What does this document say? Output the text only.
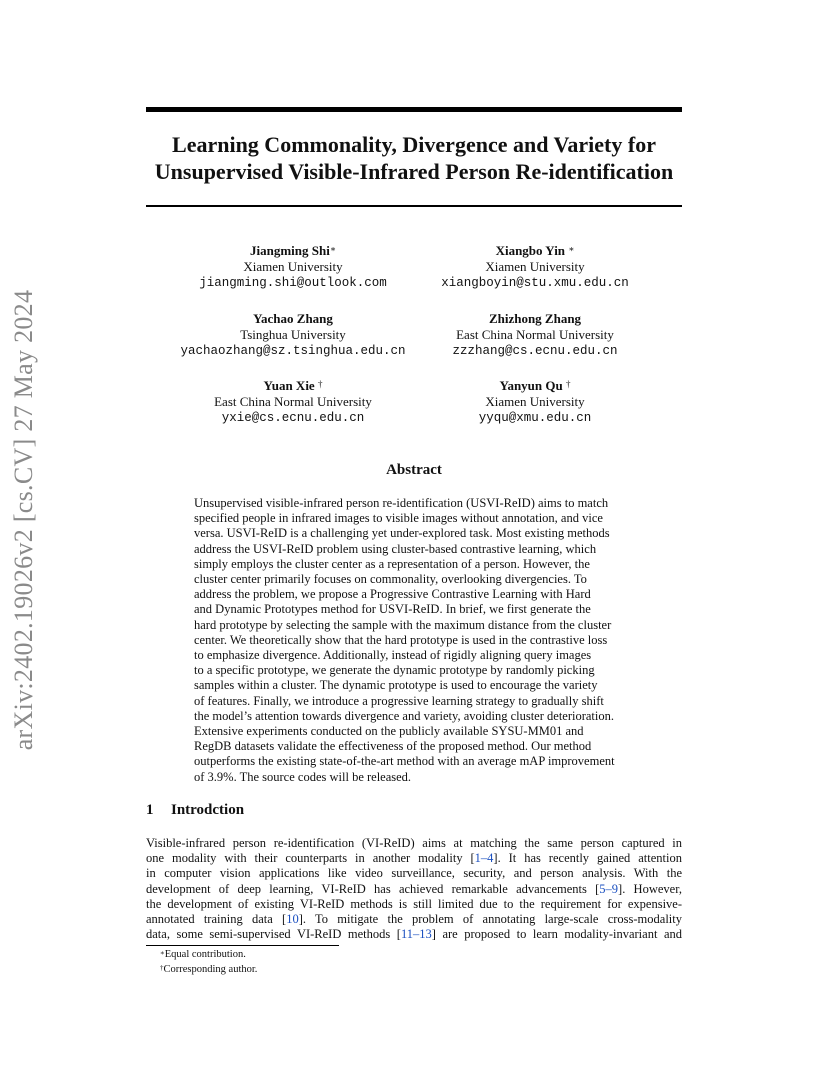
Learning Commonality, Divergence and Variety for
Unsupervised Visible-Infrared Person Re-identification
arXiv:2402.19026v2 [cs.CV] 27 May 2024
Jiangming Shi∗
Xiamen University
jiangming.shi@outlook.com
Xiangbo Yin ∗
Xiamen University
xiangboyin@stu.xmu.edu.cn
Yachao Zhang
Tsinghua University
yachaozhang@sz.tsinghua.edu.cn
Zhizhong Zhang
East China Normal University
zzzhang@cs.ecnu.edu.cn
Yuan Xie †
East China Normal University
yxie@cs.ecnu.edu.cn
Yanyun Qu †
Xiamen University
yyqu@xmu.edu.cn
Abstract
Unsupervised visible-infrared person re-identification (USVI-ReID) aims to match
specified people in infrared images to visible images without annotation, and vice
versa. USVI-ReID is a challenging yet under-explored task. Most existing methods
address the USVI-ReID problem using cluster-based contrastive learning, which
simply employs the cluster center as a representation of a person. However, the
cluster center primarily focuses on commonality, overlooking divergencies. To
address the problem, we propose a Progressive Contrastive Learning with Hard
and Dynamic Prototypes method for USVI-ReID. In brief, we first generate the
hard prototype by selecting the sample with the maximum distance from the cluster
center. We theoretically show that the hard prototype is used in the contrastive loss
to emphasize divergence. Additionally, instead of rigidly aligning query images
to a specific prototype, we generate the dynamic prototype by randomly picking
samples within a cluster. The dynamic prototype is used to encourage the variety
of features. Finally, we introduce a progressive learning strategy to gradually shift
the model’s attention towards divergence and variety, avoiding cluster deterioration.
Extensive experiments conducted on the publicly available SYSU-MM01 and
RegDB datasets validate the effectiveness of the proposed method. Our method
outperforms the existing state-of-the-art method with an average mAP improvement
of 3.9%. The source codes will be released.
1 Introdction
Visible-infrared person re-identification (VI-ReID) aims at matching the same person captured in
one modality with their counterparts in another modality [1–4]. It has recently gained attention
in computer vision applications like video surveillance, security, and person analysis. With the
development of deep learning, VI-ReID has achieved remarkable advancements [5–9]. However,
the development of existing VI-ReID methods is still limited due to the requirement for expensive-
annotated training data [10]. To mitigate the problem of annotating large-scale cross-modality
data, some semi-supervised VI-ReID methods [11–13] are proposed to learn modality-invariant and
∗Equal contribution.
†Corresponding author.
